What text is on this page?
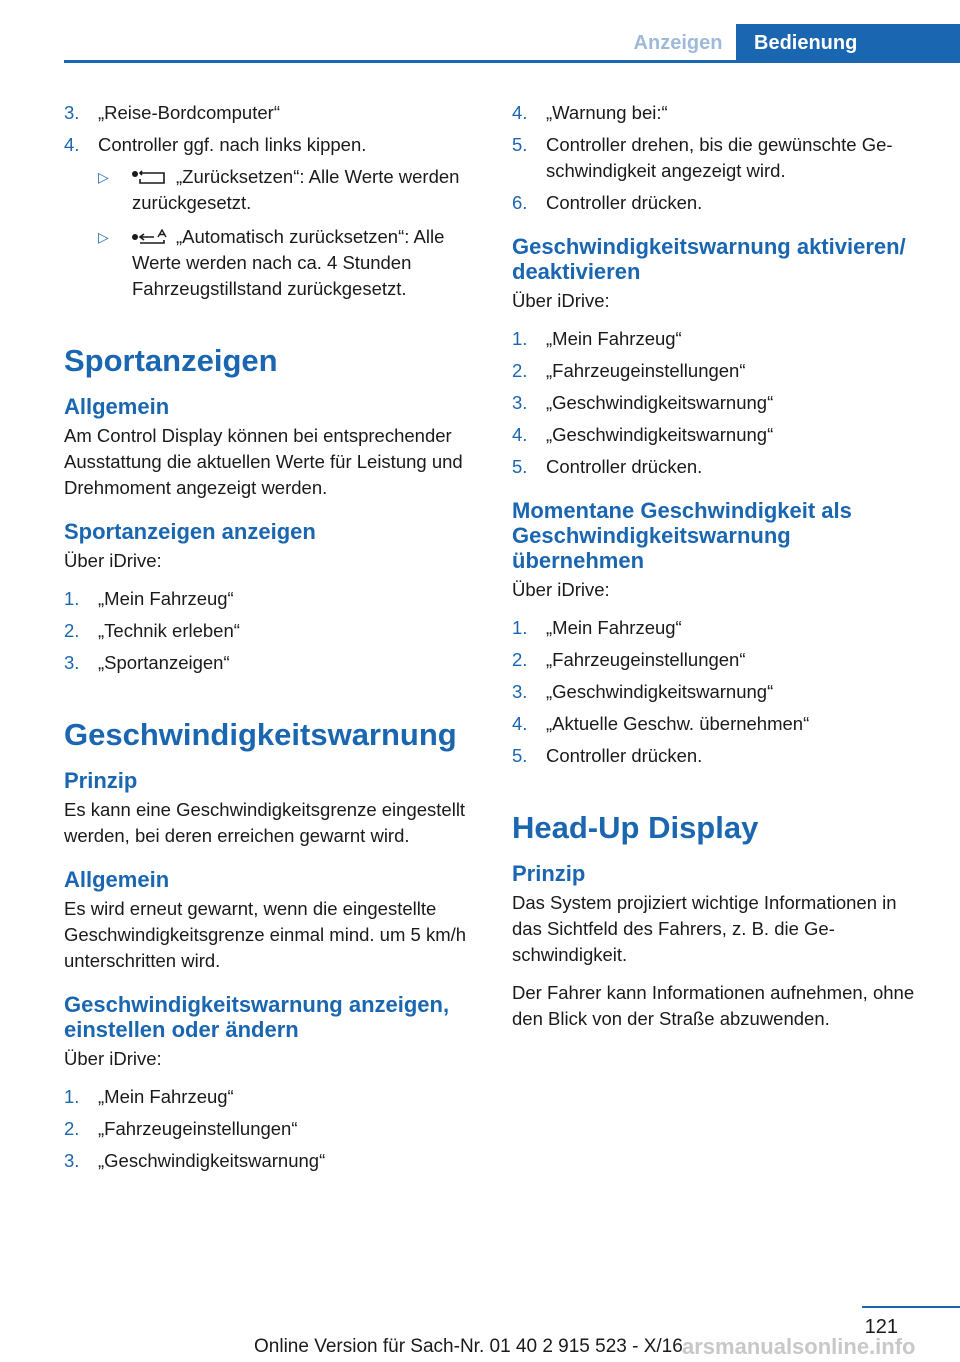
Anzeigen	Bedienung
3.	„Reise-Bordcomputer“
4.	Controller ggf. nach links kippen.
▷	„Zurücksetzen“: Alle Werte werden zurückgesetzt.
▷	„Automatisch zurücksetzen“: Alle Werte werden nach ca. 4 Stunden Fahrzeugstillstand zurückgesetzt.
Sportanzeigen
Allgemein
Am Control Display können bei entsprechender Ausstattung die aktuellen Werte für Leistung und Drehmoment angezeigt werden.
Sportanzeigen anzeigen
Über iDrive:
1.	„Mein Fahrzeug“
2.	„Technik erleben“
3.	„Sportanzeigen“
Geschwindigkeitswarnung
Prinzip
Es kann eine Geschwindigkeitsgrenze eingestellt werden, bei deren erreichen gewarnt wird.
Allgemein
Es wird erneut gewarnt, wenn die eingestellte Geschwindigkeitsgrenze einmal mind. um 5 km/h unterschritten wird.
Geschwindigkeitswarnung anzeigen, einstellen oder ändern
Über iDrive:
1.	„Mein Fahrzeug“
2.	„Fahrzeugeinstellungen“
3.	„Geschwindigkeitswarnung“
4.	„Warnung bei:“
5.	Controller drehen, bis die gewünschte Geschwindigkeit angezeigt wird.
6.	Controller drücken.
Geschwindigkeitswarnung aktivieren/ deaktivieren
Über iDrive:
1.	„Mein Fahrzeug“
2.	„Fahrzeugeinstellungen“
3.	„Geschwindigkeitswarnung“
4.	„Geschwindigkeitswarnung“
5.	Controller drücken.
Momentane Geschwindigkeit als Geschwindigkeitswarnung übernehmen
Über iDrive:
1.	„Mein Fahrzeug“
2.	„Fahrzeugeinstellungen“
3.	„Geschwindigkeitswarnung“
4.	„Aktuelle Geschw. übernehmen“
5.	Controller drücken.
Head-Up Display
Prinzip
Das System projiziert wichtige Informationen in das Sichtfeld des Fahrers, z. B. die Geschwindigkeit.
Der Fahrer kann Informationen aufnehmen, ohne den Blick von der Straße abzuwenden.
121
Online Version für Sach-Nr. 01 40 2 915 523 - X/16 arsmanualsonline.info
